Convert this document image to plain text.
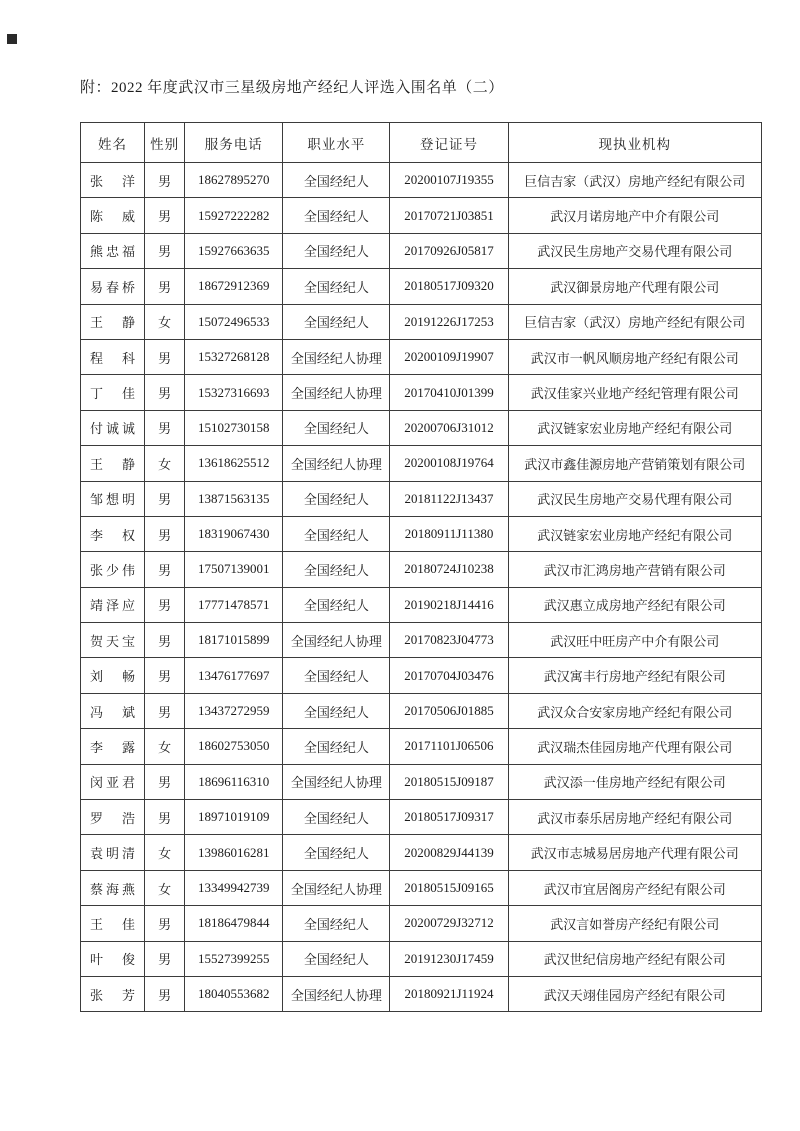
附：2022 年度武汉市三星级房地产经纪人评选入围名单（二）
姓名	性别	服务电话	职业水平	登记证号	现执业机构
张洋	男	18627895270	全国经纪人	20200107J19355	巨信吉家（武汉）房地产经纪有限公司
陈威	男	15927222282	全国经纪人	20170721J03851	武汉月诺房地产中介有限公司
熊忠福	男	15927663635	全国经纪人	20170926J05817	武汉民生房地产交易代理有限公司
易春桥	男	18672912369	全国经纪人	20180517J09320	武汉御景房地产代理有限公司
王静	女	15072496533	全国经纪人	20191226J17253	巨信吉家（武汉）房地产经纪有限公司
程科	男	15327268128	全国经纪人协理	20200109J19907	武汉市一帆风顺房地产经纪有限公司
丁佳	男	15327316693	全国经纪人协理	20170410J01399	武汉佳家兴业地产经纪管理有限公司
付诚诚	男	15102730158	全国经纪人	20200706J31012	武汉链家宏业房地产经纪有限公司
王静	女	13618625512	全国经纪人协理	20200108J19764	武汉市鑫佳源房地产营销策划有限公司
邹想明	男	13871563135	全国经纪人	20181122J13437	武汉民生房地产交易代理有限公司
李权	男	18319067430	全国经纪人	20180911J11380	武汉链家宏业房地产经纪有限公司
张少伟	男	17507139001	全国经纪人	20180724J10238	武汉市汇鸿房地产营销有限公司
靖泽应	男	17771478571	全国经纪人	20190218J14416	武汉惠立成房地产经纪有限公司
贺天宝	男	18171015899	全国经纪人协理	20170823J04773	武汉旺中旺房产中介有限公司
刘畅	男	13476177697	全国经纪人	20170704J03476	武汉寓丰行房地产经纪有限公司
冯斌	男	13437272959	全国经纪人	20170506J01885	武汉众合安家房地产经纪有限公司
李露	女	18602753050	全国经纪人	20171101J06506	武汉瑞杰佳园房地产代理有限公司
闵亚君	男	18696116310	全国经纪人协理	20180515J09187	武汉添一佳房地产经纪有限公司
罗浩	男	18971019109	全国经纪人	20180517J09317	武汉市泰乐居房地产经纪有限公司
袁明清	女	13986016281	全国经纪人	20200829J44139	武汉市志城易居房地产代理有限公司
蔡海燕	女	13349942739	全国经纪人协理	20180515J09165	武汉市宜居阁房产经纪有限公司
王佳	男	18186479844	全国经纪人	20200729J32712	武汉言如誉房产经纪有限公司
叶俊	男	15527399255	全国经纪人	20191230J17459	武汉世纪信房地产经纪有限公司
张芳	男	18040553682	全国经纪人协理	20180921J11924	武汉天翊佳园房产经纪有限公司
